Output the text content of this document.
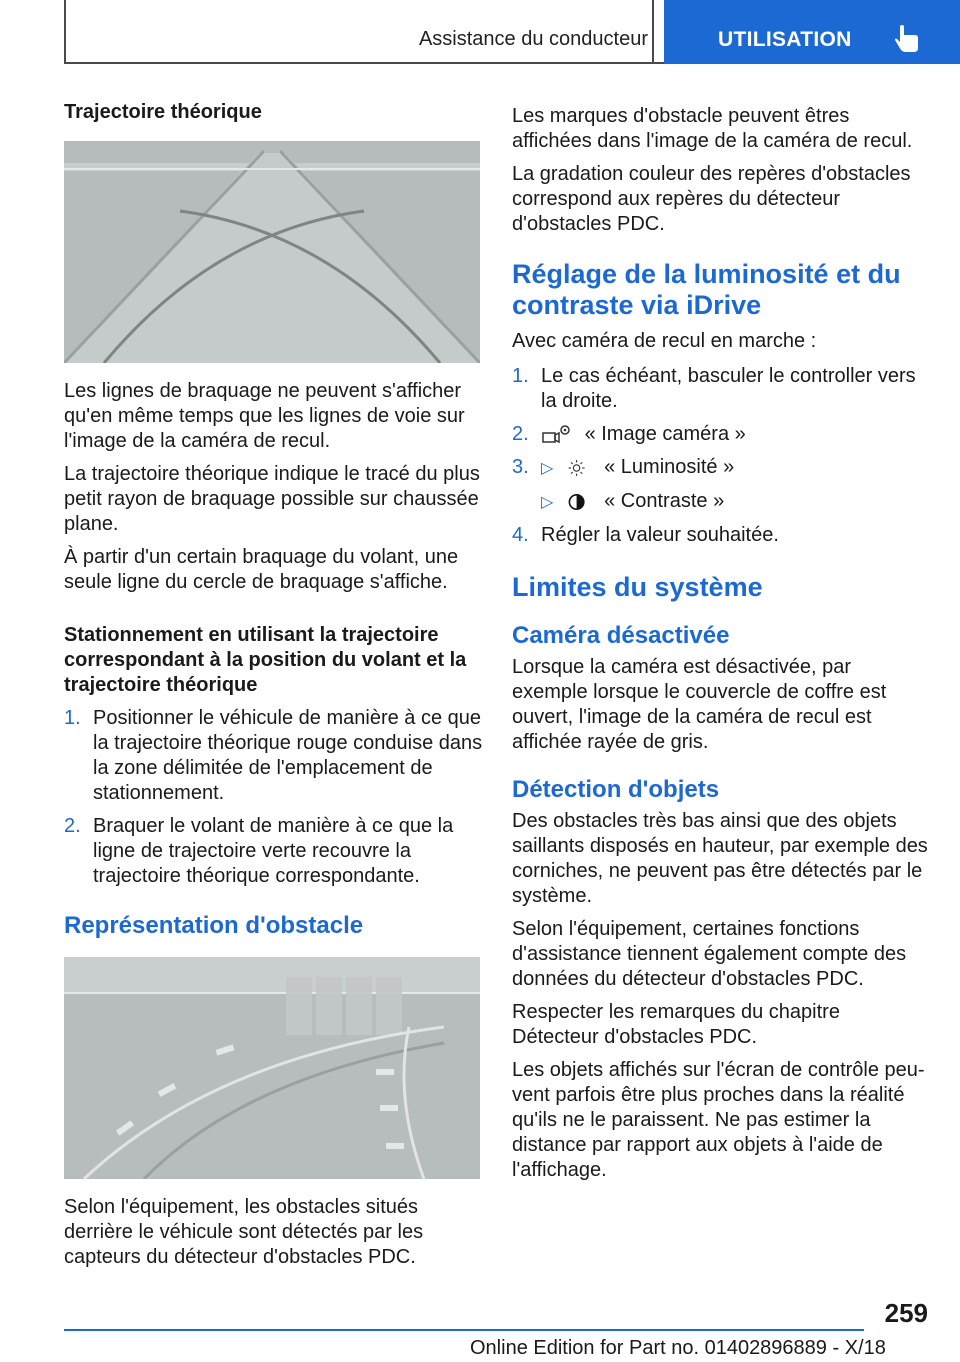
Assistance du conducteur	UTILISATION
Trajectoire théorique

Les lignes de braquage ne peuvent s'afficher qu'en même temps que les lignes de voie sur l'image de la caméra de recul.

La trajectoire théorique indique le tracé du plus petit rayon de braquage possible sur chaussée plane.

À partir d'un certain braquage du volant, une seule ligne du cercle de braquage s'affiche.

Stationnement en utilisant la trajectoire correspondant à la position du volant et la trajectoire théorique
1. Positionner le véhicule de manière à ce que la trajectoire théorique rouge conduise dans la zone délimitée de l'emplacement de stationnement.
2. Braquer le volant de manière à ce que la ligne de trajectoire verte recouvre la trajectoire théorique correspondante.
Représentation d'obstacle

Selon l'équipement, les obstacles situés derrière le véhicule sont détectés par les capteurs du détecteur d'obstacles PDC.

Les marques d'obstacle peuvent êtres affichées dans l'image de la caméra de recul.

La gradation couleur des repères d'obstacles correspond aux repères du détecteur d'obstacles PDC.

Réglage de la luminosité et du contraste via iDrive

Avec caméra de recul en marche :

1. Le cas échéant, basculer le controller vers la droite.
2.	« Image caméra »
3. ▷	« Luminosité »
▷	« Contraste »
4. Régler la valeur souhaitée.
Limites du système
Caméra désactivée

Lorsque la caméra est désactivée, par exemple lorsque le couvercle de coffre est ouvert, l'image de la caméra de recul est affichée rayée de gris.

Détection d'objets

Des obstacles très bas ainsi que des objets saillants disposés en hauteur, par exemple des corniches, ne peuvent pas être détectés par le système.

Selon l'équipement, certaines fonctions d'assistance tiennent également compte des données du détecteur d'obstacles PDC.

Respecter les remarques du chapitre Détecteur d'obstacles PDC.

Les objets affichés sur l'écran de contrôle peuvent parfois être plus proches dans la réalité qu'ils ne le paraissent. Ne pas estimer la distance par rapport aux objets à l'aide de l'affichage.

259
Online Edition for Part no. 01402896889 - X/18
